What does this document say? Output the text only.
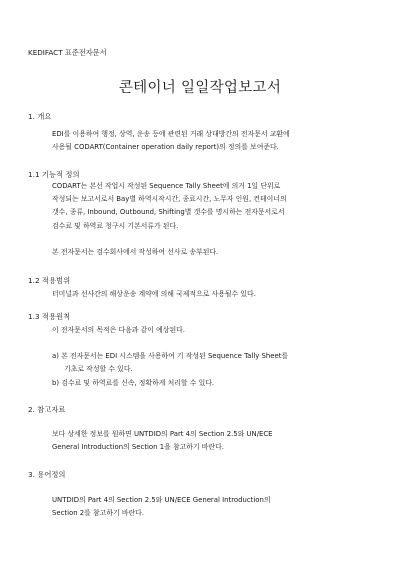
KEDIFACT 표준전자문서
콘테이너 일일작업보고서
1. 개요
EDI를 이용하여 행정, 상역, 운송 등에 관련된 거래 상대방간의 전자문서 교환에
사용될 CODART(Container operation daily report)의 정의를 보여준다.
1.1 기능적 정의
CODART는 본선 작업시 작성된 Sequence Tally Sheet에 의거 1일 단위로
작성되는 보고서로서 Bay별 하역시작시간, 종료시간, 노무자 인원, 컨테이너의
갯수, 종류, Inbound, Outbound, Shifting별 갯수를 명시하는 전자문서로서
검수료 및 하역료 청구시 기본서류가 된다.
본 전자문서는 검수회사에서 작성하여 선사로 송부된다.
1.2 적용범위
터미널과 선사간의 해상운송 계약에 의해 국제적으로 사용될수 있다.
1.3 적용원칙
이 전자문서의 목적은 다음과 같이 예상된다.
a) 본 전자문서는 EDI 시스템을 사용하여 기 작성된 Sequence Tally Sheet를
기초로 작성할 수 있다.
b) 검수료 및 하역료를 신속, 정확하게 처리할 수 있다.
2. 참고자료
보다 상세한 정보를 원하면 UNTDID의 Part 4의 Section 2.5와 UN/ECE
General Introduction의 Section 1을 참고하기 바란다.
3. 용어정의
UNTDID의 Part 4의 Section 2.5와 UN/ECE General Introduction의
Section 2를 참고하기 바란다.
